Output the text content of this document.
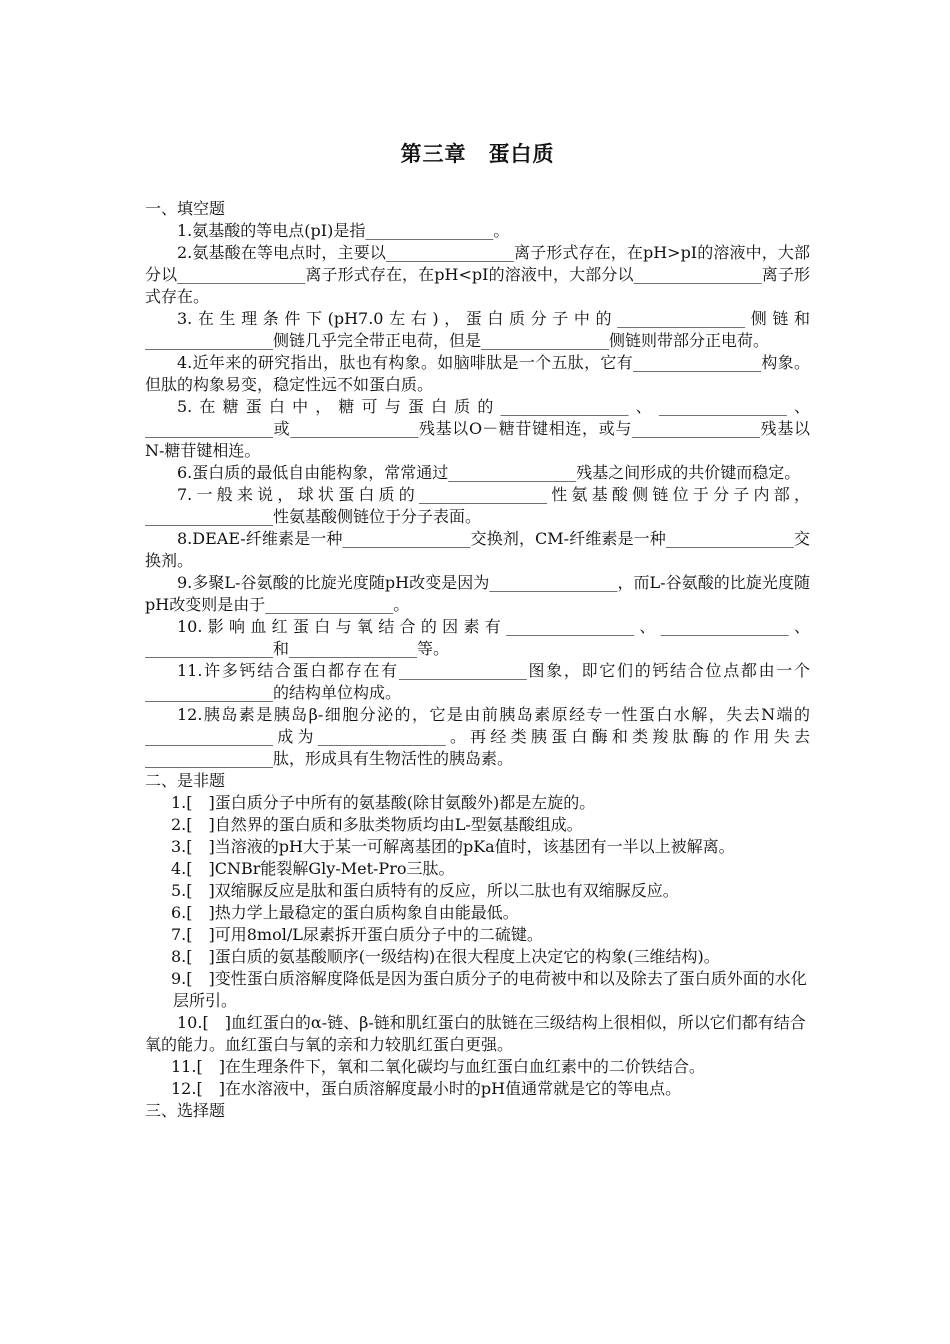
第三章　蛋白质

一、填空题

1.氨基酸的等电点(pI)是指________________。

2.氨基酸在等电点时，主要以________________离子形式存在，在pH>pI的溶液中，大部分以________________离子形式存在，在pH<pI的溶液中，大部分以________________离子形式存在。

3.在生理条件下(pH7.0左右)，蛋白质分子中的________________侧链和________________侧链几乎完全带正电荷，但是________________侧链则带部分正电荷。

4.近年来的研究指出，肽也有构象。如脑啡肽是一个五肽，它有________________构象。但肽的构象易变，稳定性远不如蛋白质。

5.在糖蛋白中，糖可与蛋白质的________________、________________、________________或________________残基以O－糖苷键相连，或与________________残基以N-糖苷键相连。

6.蛋白质的最低自由能构象，常常通过________________残基之间形成的共价键而稳定。

7.一般来说，球状蛋白质的________________性氨基酸侧链位于分子内部，________________性氨基酸侧链位于分子表面。

8.DEAE-纤维素是一种________________交换剂，CM-纤维素是一种________________交换剂。

9.多聚L-谷氨酸的比旋光度随pH改变是因为________________，而L-谷氨酸的比旋光度随pH改变则是由于________________。

10.影响血红蛋白与氧结合的因素有________________、________________、________________和________________等。

11.许多钙结合蛋白都存在有________________图象，即它们的钙结合位点都由一个________________的结构单位构成。

12.胰岛素是胰岛β-细胞分泌的，它是由前胰岛素原经专一性蛋白水解，失去N端的________________成为________________。再经类胰蛋白酶和类羧肽酶的作用失去________________肽，形成具有生物活性的胰岛素。

二、是非题

1.[　]蛋白质分子中所有的氨基酸(除甘氨酸外)都是左旋的。

2.[　]自然界的蛋白质和多肽类物质均由L-型氨基酸组成。

3.[　]当溶液的pH大于某一可解离基团的pKa值时，该基团有一半以上被解离。

4.[　]CNBr能裂解Gly-Met-Pro三肽。

5.[　]双缩脲反应是肽和蛋白质特有的反应，所以二肽也有双缩脲反应。

6.[　]热力学上最稳定的蛋白质构象自由能最低。

7.[　]可用8mol/L尿素拆开蛋白质分子中的二硫键。

8.[　]蛋白质的氨基酸顺序(一级结构)在很大程度上决定它的构象(三维结构)。

9.[　]变性蛋白质溶解度降低是因为蛋白质分子的电荷被中和以及除去了蛋白质外面的水化层所引。

10.[　]血红蛋白的α-链、β-链和肌红蛋白的肽链在三级结构上很相似，所以它们都有结合氧的能力。血红蛋白与氧的亲和力较肌红蛋白更强。

11.[　]在生理条件下，氧和二氧化碳均与血红蛋白血红素中的二价铁结合。

12.[　]在水溶液中，蛋白质溶解度最小时的pH值通常就是它的等电点。

三、选择题
